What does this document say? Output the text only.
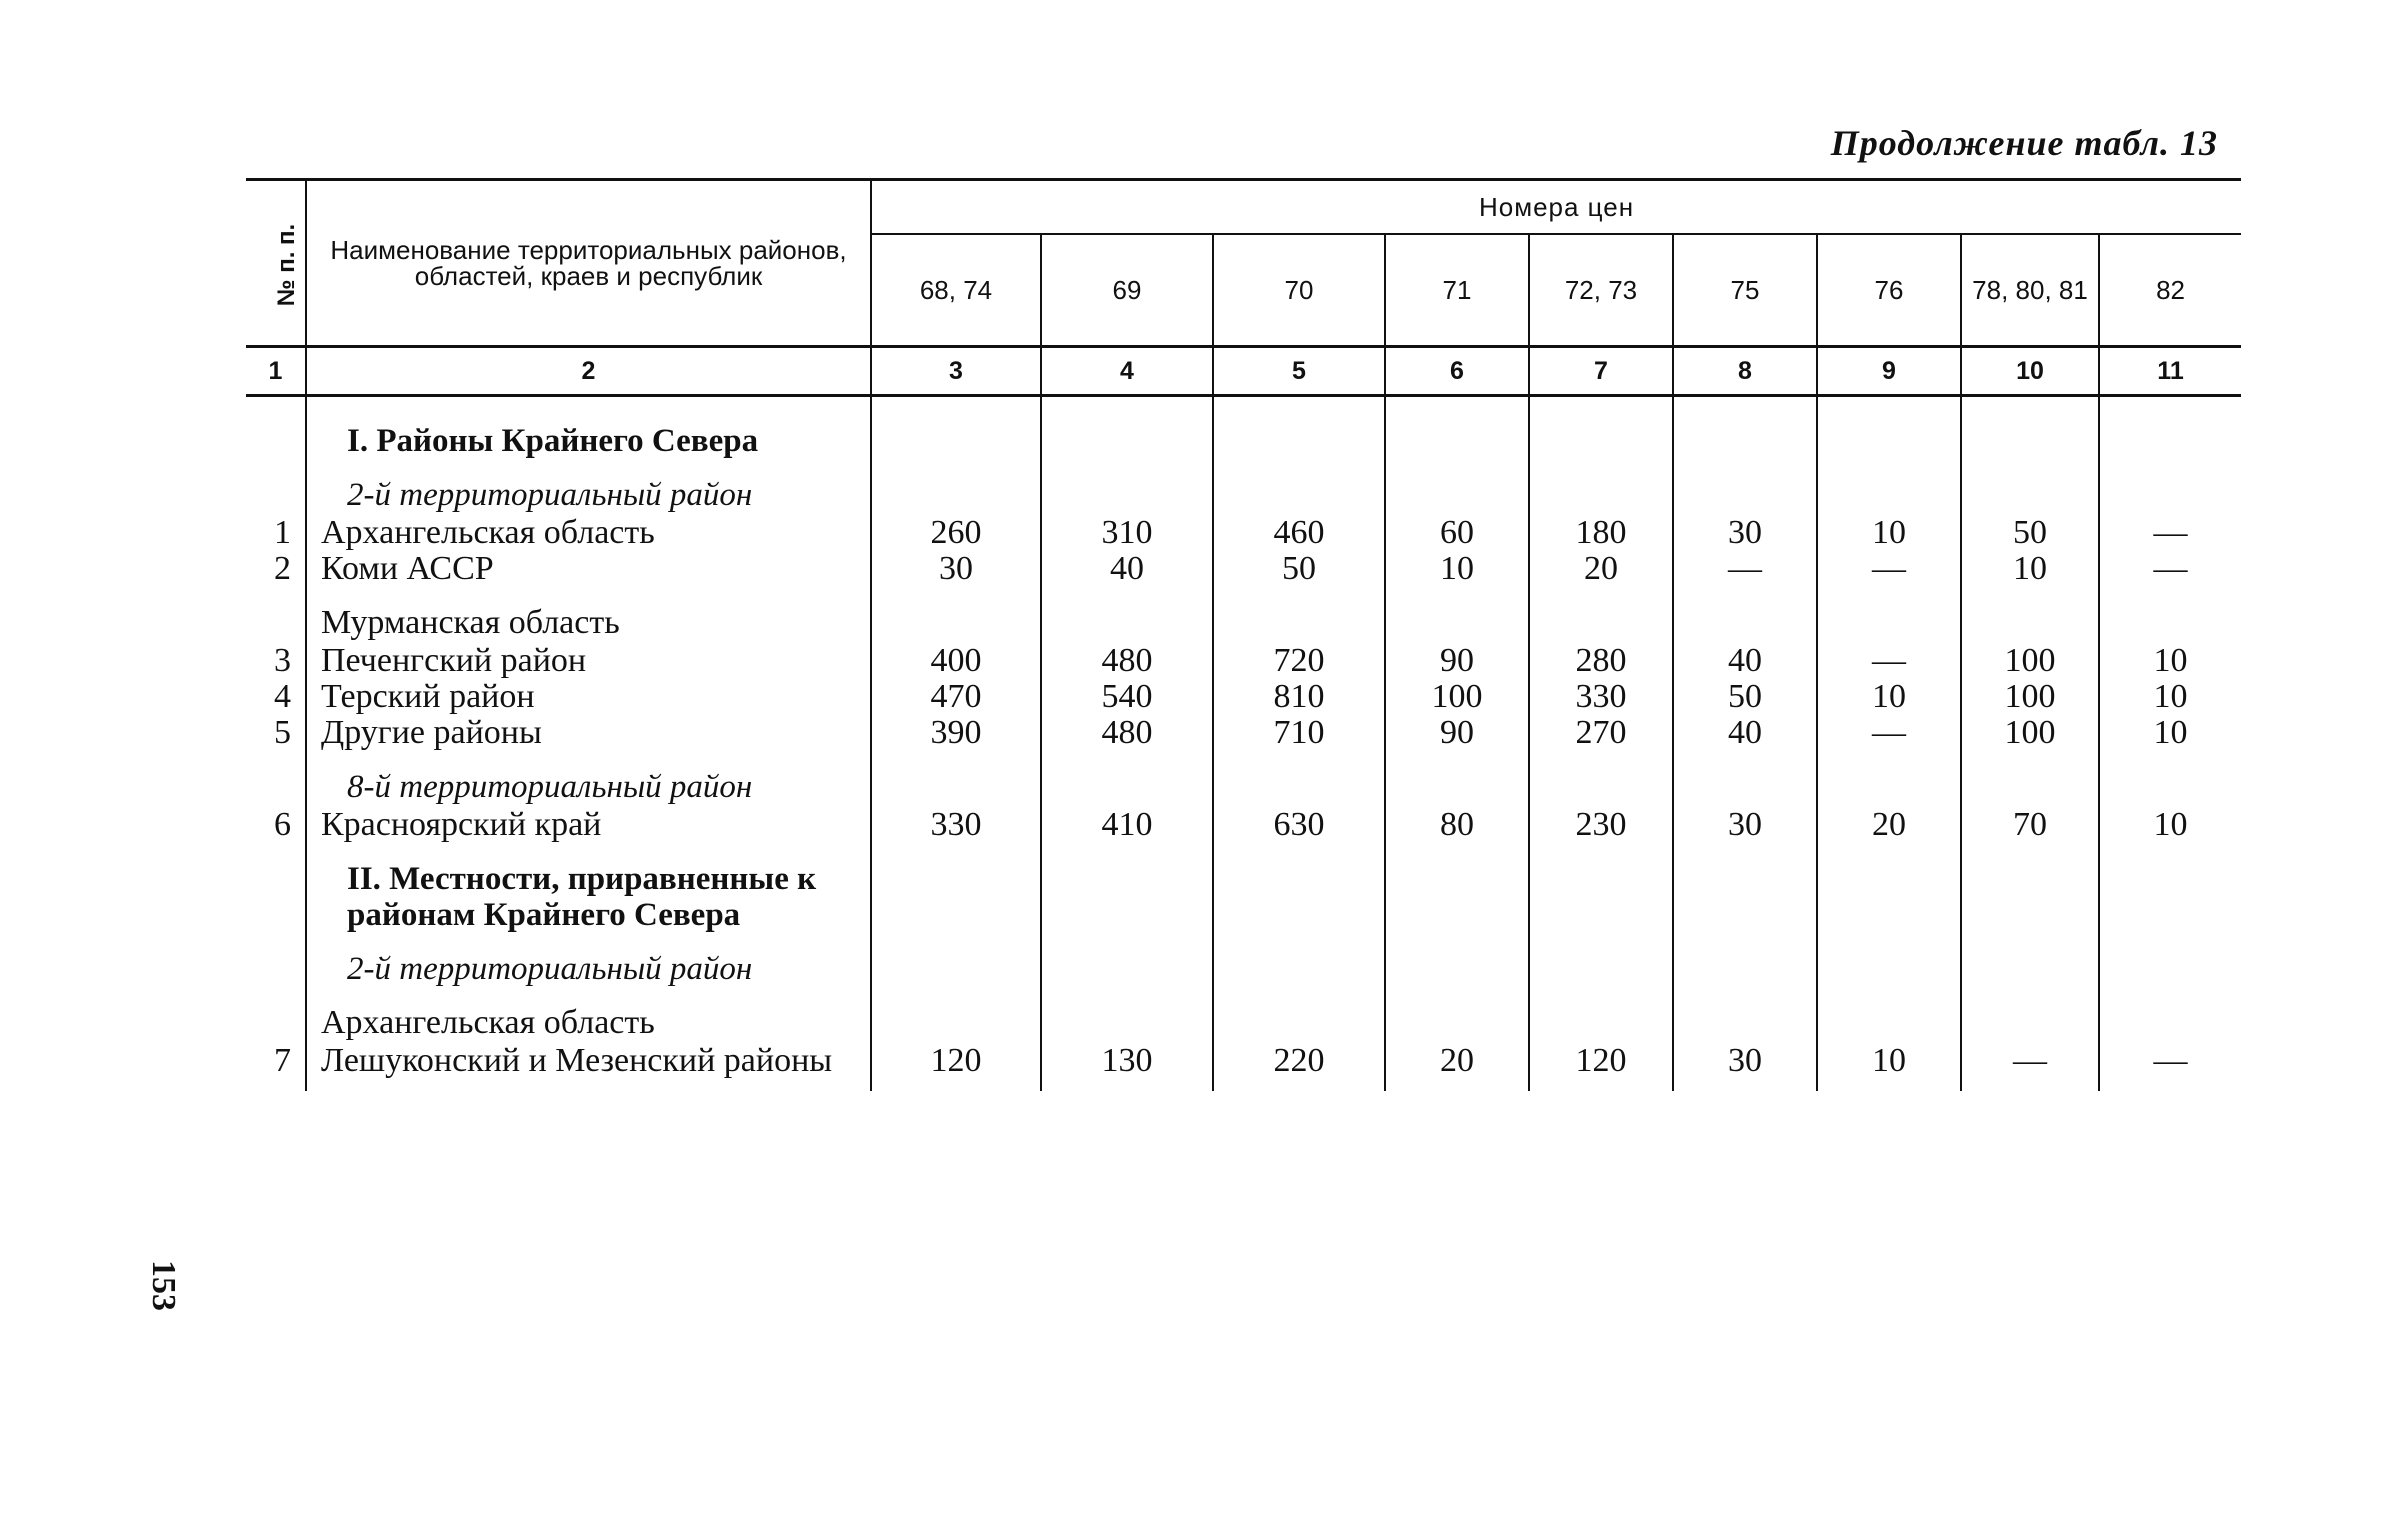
Продолжение табл. 13
№ п. п.	Наименование территориальных районов, областей, краев и республик	Номера цен								
		68, 74	69	70	71	72, 73	75	76	78, 80, 81	82
1	2	3	4	5	6	7	8	9	10	11

	I. Районы Крайнего Севера									

	2-й территориальный район									

1	Архангельская область	260	310	460	60	180	30	10	50	—
2	Коми АССР	30	40	50	10	20	—	—	10	—

	Мурманская область									

3	Печенгский район	400	480	720	90	280	40	—	100	10
4	Терский район	470	540	810	100	330	50	10	100	10
5	Другие районы	390	480	710	90	270	40	—	100	10

	8-й территориальный район									

6	Красноярский край	330	410	630	80	230	30	20	70	10

	II. Местности, приравненные к районам Крайнего Севера									

	2-й территориальный район									

	Архангельская область									

7	Лешуконский и Мезенский районы	120	130	220	20	120	30	10	—	—

153
